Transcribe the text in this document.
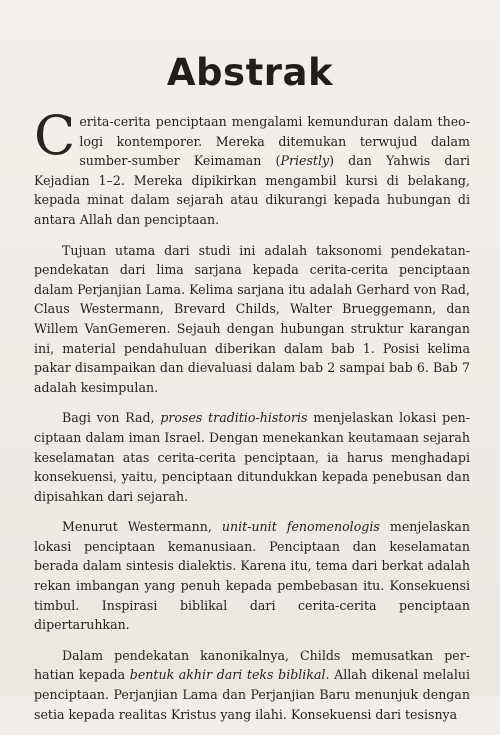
Abstrak

Cerita-cerita penciptaan mengalami kemunduran dalam theo-logi kontemporer. Mereka ditemukan terwujud dalam sumber-sumber Keimaman (Priestly) dan Yahwis dari Kejadian 1–2. Mereka dipikirkan mengambil kursi di belakang, kepada minat dalam sejarah atau dikurangi kepada hubungan di antara Allah dan penciptaan.

Tujuan utama dari studi ini adalah taksonomi pendekatan-pendekatan dari lima sarjana kepada cerita-cerita penciptaan dalam Perjanjian Lama. Kelima sarjana itu adalah Gerhard von Rad, Claus Westermann, Brevard Childs, Walter Brueggemann, dan Willem VanGemeren. Sejauh dengan hubungan struktur karangan ini, material pendahuluan diberikan dalam bab 1. Posisi kelima pakar disampaikan dan dievaluasi dalam bab 2 sampai bab 6. Bab 7 adalah kesimpulan.

Bagi von Rad, proses traditio-historis menjelaskan lokasi pen-ciptaan dalam iman Israel. Dengan menekankan keutamaan sejarah keselamatan atas cerita-cerita penciptaan, ia harus menghadapi konsekuensi, yaitu, penciptaan ditundukkan kepada penebusan dan dipisahkan dari sejarah.

Menurut Westermann, unit-unit fenomenologis menjelaskan lokasi penciptaan kemanusiaan. Penciptaan dan keselamatan berada dalam sintesis dialektis. Karena itu, tema dari berkat adalah rekan imbangan yang penuh kepada pembebasan itu. Konsekuensi timbul. Inspirasi biblikal dari cerita-cerita penciptaan dipertaruhkan.

Dalam pendekatan kanonikalnya, Childs memusatkan per-hatian kepada bentuk akhir dari teks biblikal. Allah dikenal melalui penciptaan. Perjanjian Lama dan Perjanjian Baru menunjuk dengan setia kepada realitas Kristus yang ilahi. Konsekuensi dari tesisnya
